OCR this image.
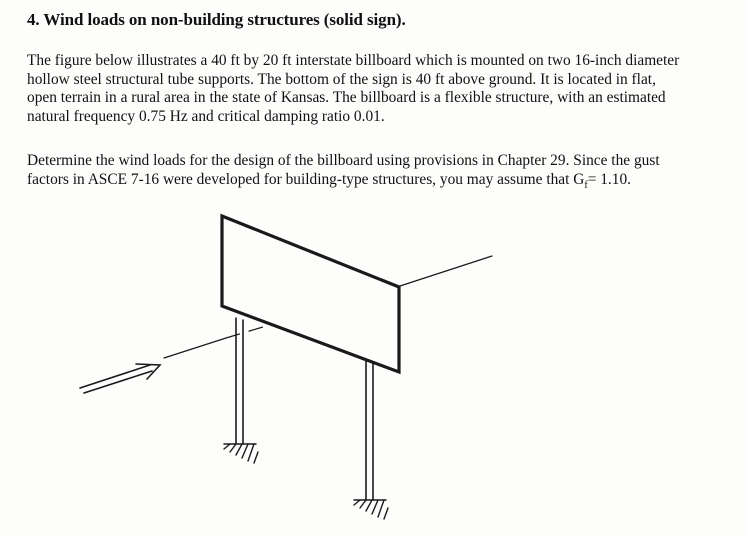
4. Wind loads on non-building structures (solid sign).
The figure below illustrates a 40 ft by 20 ft interstate billboard which is mounted on two 16-inch diameter
hollow steel structural tube supports. The bottom of the sign is 40 ft above ground. It is located in flat,
open terrain in a rural area in the state of Kansas. The billboard is a flexible structure, with an estimated
natural frequency 0.75 Hz and critical damping ratio 0.01.
Determine the wind loads for the design of the billboard using provisions in Chapter 29. Since the gust
factors in ASCE 7-16 were developed for building-type structures, you may assume that $G_f= 1.10$.
